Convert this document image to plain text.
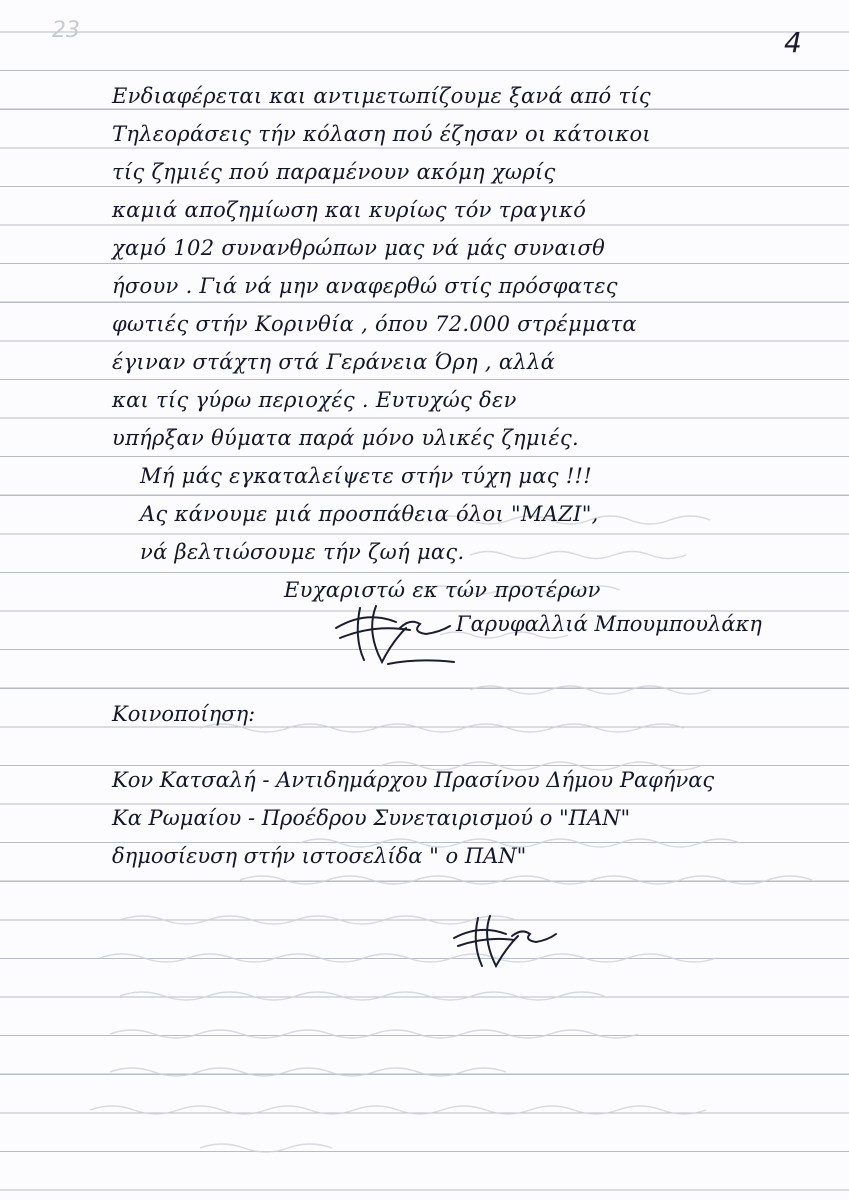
23	4
Ενδιαφέρεται και αντιμετωπίζουμε ξανά από τίς
Τηλεοράσεις τήν κόλαση πού έζησαν οι κάτοικοι
τίς ζημιές πού παραμένουν ακόμη χωρίς
καμιά αποζημίωση και κυρίως τόν τραγικό
χαμό 102 συνανθρώπων μας νά μάς συναισθ
ήσουν . Γιά νά μην αναφερθώ στίς πρόσφατες
φωτιές στήν Κορινθία , όπου 72.000 στρέμματα
έγιναν στάχτη στά Γεράνεια Όρη , αλλά
και τίς γύρω περιοχές . Ευτυχώς δεν
υπήρξαν θύματα παρά μόνο υλικές ζημιές.
Μή μάς εγκαταλείψετε στήν τύχη μας !!!
Ας κάνουμε μιά προσπάθεια όλοι "ΜΑΖΙ",
νά βελτιώσουμε τήν ζωή μας.
Ευχαριστώ εκ τών προτέρων
Γαρυφαλλιά Μπουμπουλάκη
Κοινοποίηση:
Κον Κατσαλή - Αντιδημάρχου Πρασίνου Δήμου Ραφήνας
Κα Ρωμαίου - Προέδρου Συνεταιρισμού ο "ΠΑΝ"
δημοσίευση στήν ιστοσελίδα " ο ΠΑΝ"
